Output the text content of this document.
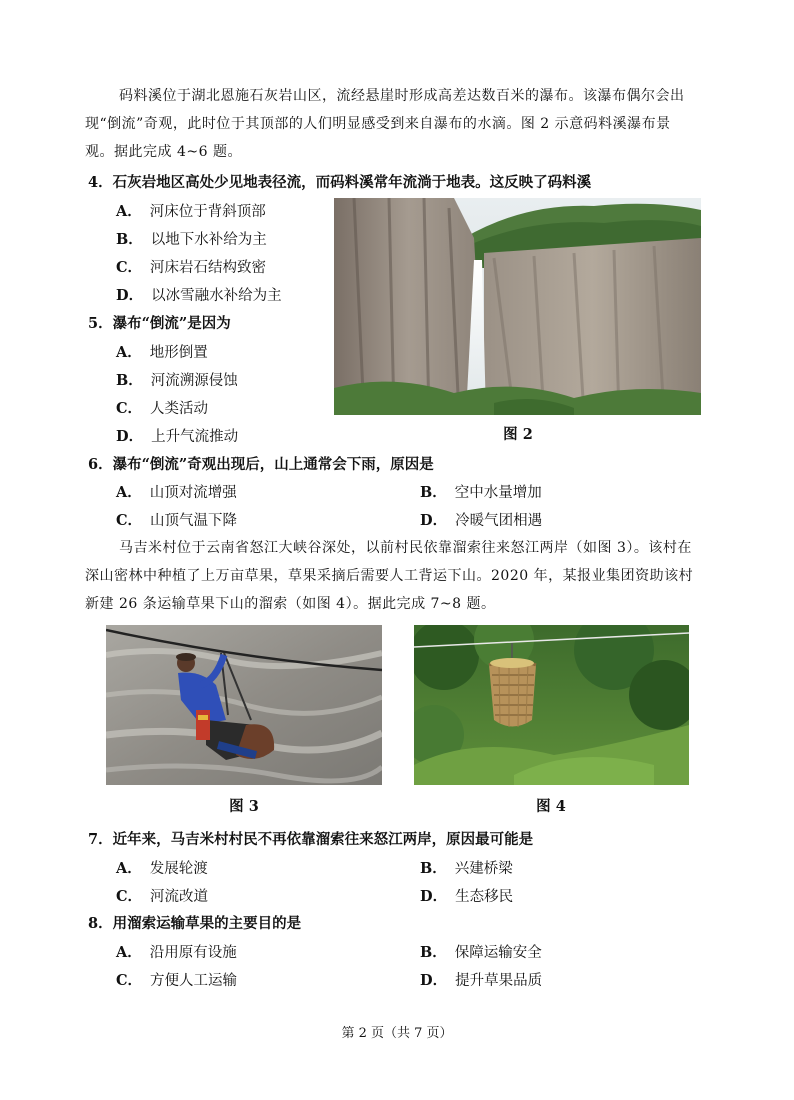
码料溪位于湖北恩施石灰岩山区，流经悬崖时形成高差达数百米的瀑布。该瀑布偶尔会出

现“倒流”奇观，此时位于其顶部的人们明显感受到来自瀑布的水滴。图 2 示意码料溪瀑布景

观。据此完成 4~6 题。

4．石灰岩地区高处少见地表径流，而码料溪常年流淌于地表。这反映了码料溪
A． 河床位于背斜顶部
B． 以地下水补给为主
C． 河床岩石结构致密
D． 以冰雪融水补给为主
5．瀑布“倒流”是因为
A． 地形倒置
B． 河流溯源侵蚀
C． 人类活动
D． 上升气流推动	图 2
6．瀑布“倒流”奇观出现后，山上通常会下雨，原因是
A． 山顶对流增强	B． 空中水量增加
C． 山顶气温下降	D． 冷暖气团相遇

马吉米村位于云南省怒江大峡谷深处，以前村民依靠溜索往来怒江两岸（如图 3）。该村在

深山密林中种植了上万亩草果，草果采摘后需要人工背运下山。2020 年，某报业集团资助该村

新建 26 条运输草果下山的溜索（如图 4）。据此完成 7~8 题。

图 3	图 4
7．近年来，马吉米村村民不再依靠溜索往来怒江两岸，原因最可能是
A． 发展轮渡	B． 兴建桥梁
C． 河流改道	D． 生态移民
8．用溜索运输草果的主要目的是
A． 沿用原有设施	B． 保障运输安全
C． 方便人工运输	D． 提升草果品质
第 2 页（共 7 页）
